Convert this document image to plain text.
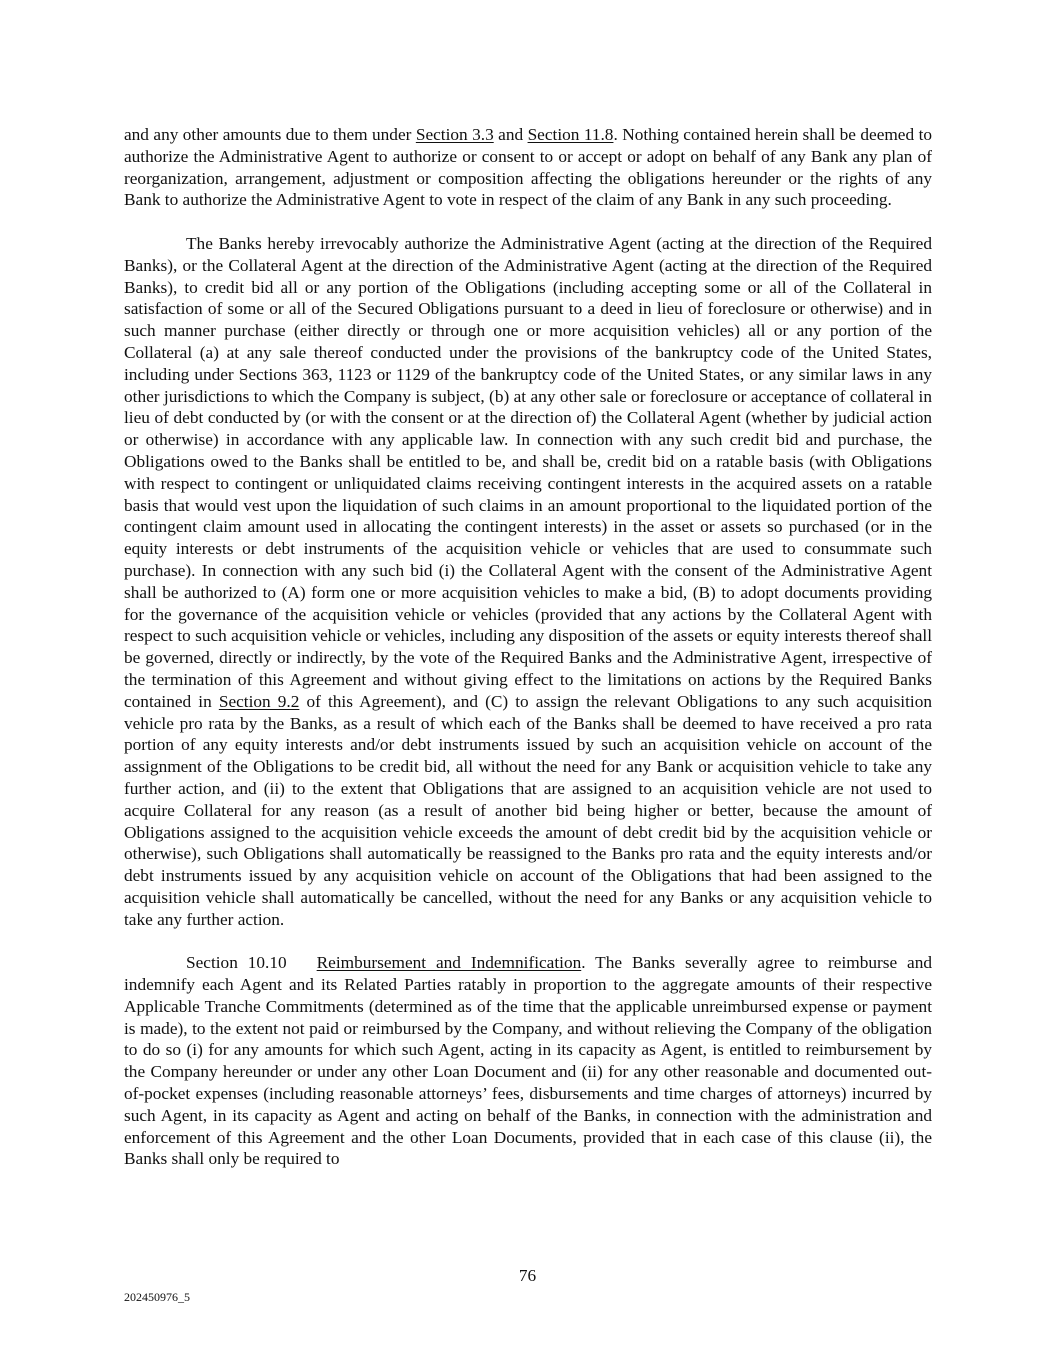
and any other amounts due to them under Section 3.3 and Section 11.8. Nothing contained herein shall be deemed to authorize the Administrative Agent to authorize or consent to or accept or adopt on behalf of any Bank any plan of reorganization, arrangement, adjustment or composition affecting the obligations hereunder or the rights of any Bank to authorize the Administrative Agent to vote in respect of the claim of any Bank in any such proceeding.

The Banks hereby irrevocably authorize the Administrative Agent (acting at the direction of the Required Banks), or the Collateral Agent at the direction of the Administrative Agent (acting at the direction of the Required Banks), to credit bid all or any portion of the Obligations (including accepting some or all of the Collateral in satisfaction of some or all of the Secured Obligations pursuant to a deed in lieu of foreclosure or otherwise) and in such manner purchase (either directly or through one or more acquisition vehicles) all or any portion of the Collateral (a) at any sale thereof conducted under the provisions of the bankruptcy code of the United States, including under Sections 363, 1123 or 1129 of the bankruptcy code of the United States, or any similar laws in any other jurisdictions to which the Company is subject, (b) at any other sale or foreclosure or acceptance of collateral in lieu of debt conducted by (or with the consent or at the direction of) the Collateral Agent (whether by judicial action or otherwise) in accordance with any applicable law. In connection with any such credit bid and purchase, the Obligations owed to the Banks shall be entitled to be, and shall be, credit bid on a ratable basis (with Obligations with respect to contingent or unliquidated claims receiving contingent interests in the acquired assets on a ratable basis that would vest upon the liquidation of such claims in an amount proportional to the liquidated portion of the contingent claim amount used in allocating the contingent interests) in the asset or assets so purchased (or in the equity interests or debt instruments of the acquisition vehicle or vehicles that are used to consummate such purchase). In connection with any such bid (i) the Collateral Agent with the consent of the Administrative Agent shall be authorized to (A) form one or more acquisition vehicles to make a bid, (B) to adopt documents providing for the governance of the acquisition vehicle or vehicles (provided that any actions by the Collateral Agent with respect to such acquisition vehicle or vehicles, including any disposition of the assets or equity interests thereof shall be governed, directly or indirectly, by the vote of the Required Banks and the Administrative Agent, irrespective of the termination of this Agreement and without giving effect to the limitations on actions by the Required Banks contained in Section 9.2 of this Agreement), and (C) to assign the relevant Obligations to any such acquisition vehicle pro rata by the Banks, as a result of which each of the Banks shall be deemed to have received a pro rata portion of any equity interests and/or debt instruments issued by such an acquisition vehicle on account of the assignment of the Obligations to be credit bid, all without the need for any Bank or acquisition vehicle to take any further action, and (ii) to the extent that Obligations that are assigned to an acquisition vehicle are not used to acquire Collateral for any reason (as a result of another bid being higher or better, because the amount of Obligations assigned to the acquisition vehicle exceeds the amount of debt credit bid by the acquisition vehicle or otherwise), such Obligations shall automatically be reassigned to the Banks pro rata and the equity interests and/or debt instruments issued by any acquisition vehicle on account of the Obligations that had been assigned to the acquisition vehicle shall automatically be cancelled, without the need for any Banks or any acquisition vehicle to take any further action.

Section 10.10 Reimbursement and Indemnification. The Banks severally agree to reimburse and indemnify each Agent and its Related Parties ratably in proportion to the aggregate amounts of their respective Applicable Tranche Commitments (determined as of the time that the applicable unreimbursed expense or payment is made), to the extent not paid or reimbursed by the Company, and without relieving the Company of the obligation to do so (i) for any amounts for which such Agent, acting in its capacity as Agent, is entitled to reimbursement by the Company hereunder or under any other Loan Document and (ii) for any other reasonable and documented out-of-pocket expenses (including reasonable attorneys’ fees, disbursements and time charges of attorneys) incurred by such Agent, in its capacity as Agent and acting on behalf of the Banks, in connection with the administration and enforcement of this Agreement and the other Loan Documents, provided that in each case of this clause (ii), the Banks shall only be required to

76
202450976_5
